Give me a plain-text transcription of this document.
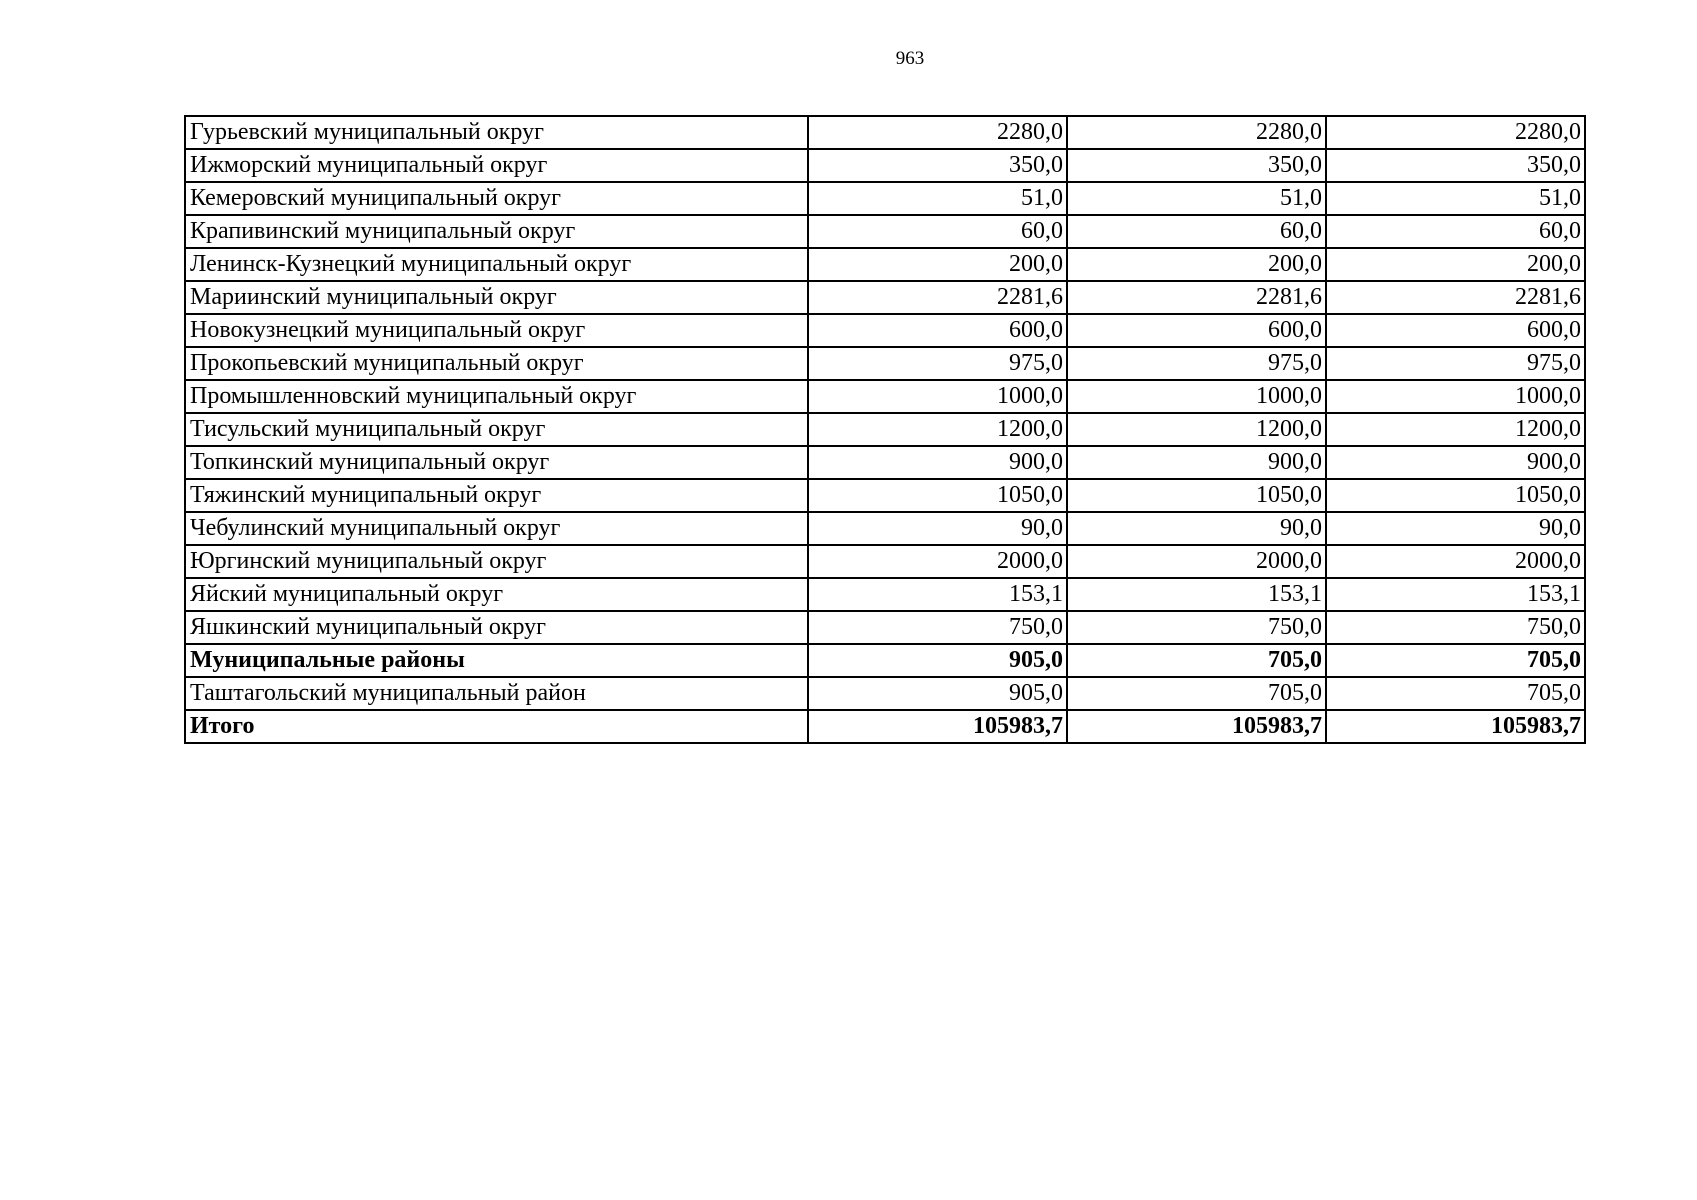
963
Гурьевский муниципальный округ	2280,0	2280,0	2280,0
Ижморский муниципальный округ	350,0	350,0	350,0
Кемеровский муниципальный округ	51,0	51,0	51,0
Крапивинский муниципальный округ	60,0	60,0	60,0
Ленинск-Кузнецкий муниципальный округ	200,0	200,0	200,0
Мариинский муниципальный округ	2281,6	2281,6	2281,6
Новокузнецкий муниципальный округ	600,0	600,0	600,0
Прокопьевский муниципальный округ	975,0	975,0	975,0
Промышленновский муниципальный округ	1000,0	1000,0	1000,0
Тисульский муниципальный округ	1200,0	1200,0	1200,0
Топкинский муниципальный округ	900,0	900,0	900,0
Тяжинский муниципальный округ	1050,0	1050,0	1050,0
Чебулинский муниципальный округ	90,0	90,0	90,0
Юргинский муниципальный округ	2000,0	2000,0	2000,0
Яйский муниципальный округ	153,1	153,1	153,1
Яшкинский муниципальный округ	750,0	750,0	750,0
Муниципальные районы	905,0	705,0	705,0
Таштагольский муниципальный район	905,0	705,0	705,0
Итого	105983,7	105983,7	105983,7
